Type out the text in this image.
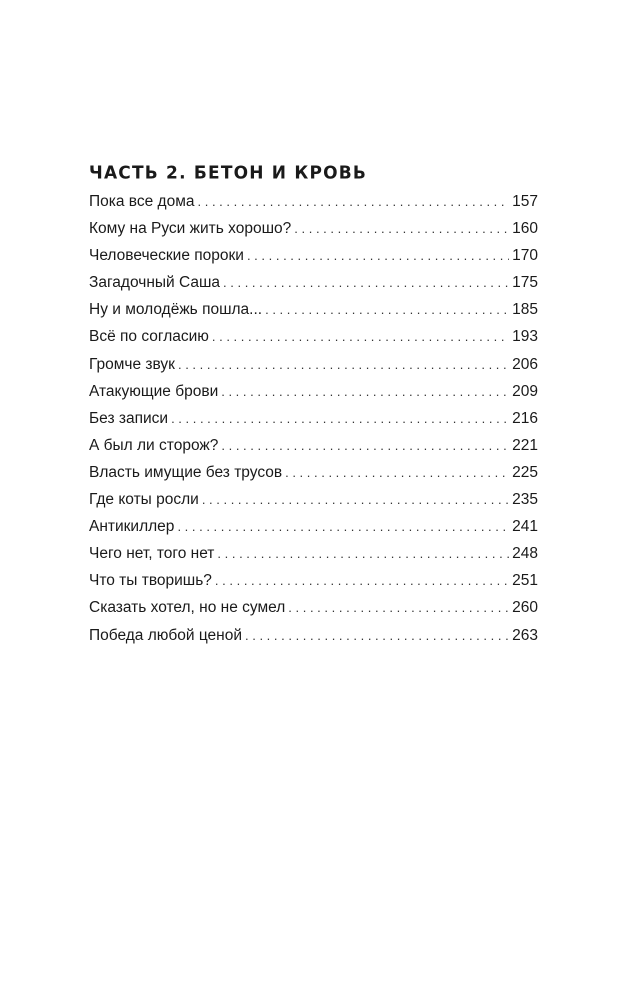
ЧАСТЬ 2. БЕТОН И КРОВЬ
Пока все дома . . .	157
Кому на Руси жить хорошо? . . .	160
Человеческие пороки . . .	170
Загадочный Саша . . .	175
Ну и молодёжь пошла... . . .	185
Всё по согласию . . .	193
Громче звук . . .	206
Атакующие брови . . .	209
Без записи . . .	216
А был ли сторож? . . .	221
Власть имущие без трусов . . .	225
Где коты росли . . .	235
Антикиллер . . .	241
Чего нет, того нет . . .	248
Что ты творишь? . . .	251
Сказать хотел, но не сумел . . .	260
Победа любой ценой . . .	263
